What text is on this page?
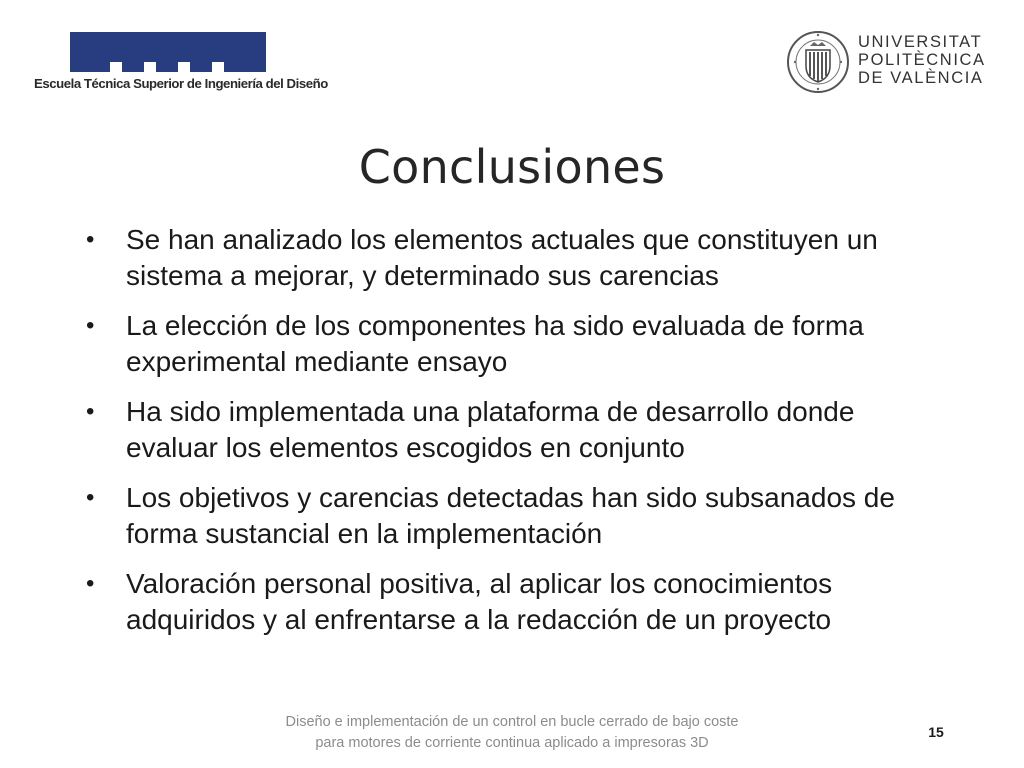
Escuela Técnica Superior de Ingeniería del Diseño
UNIVERSITAT
POLITÈCNICA
DE VALÈNCIA
Conclusiones
• Se han analizado los elementos actuales que constituyen un sistema a mejorar, y determinado sus carencias
• La elección de los componentes ha sido evaluada de forma experimental mediante ensayo
• Ha sido implementada una plataforma de desarrollo donde evaluar los elementos escogidos en conjunto
• Los objetivos y carencias detectadas han sido subsanados de forma sustancial en la implementación
• Valoración personal positiva, al aplicar los conocimientos adquiridos y al enfrentarse a la redacción de un proyecto
Diseño e implementación de un control en bucle cerrado de bajo coste
para motores de corriente continua aplicado a impresoras 3D
15
